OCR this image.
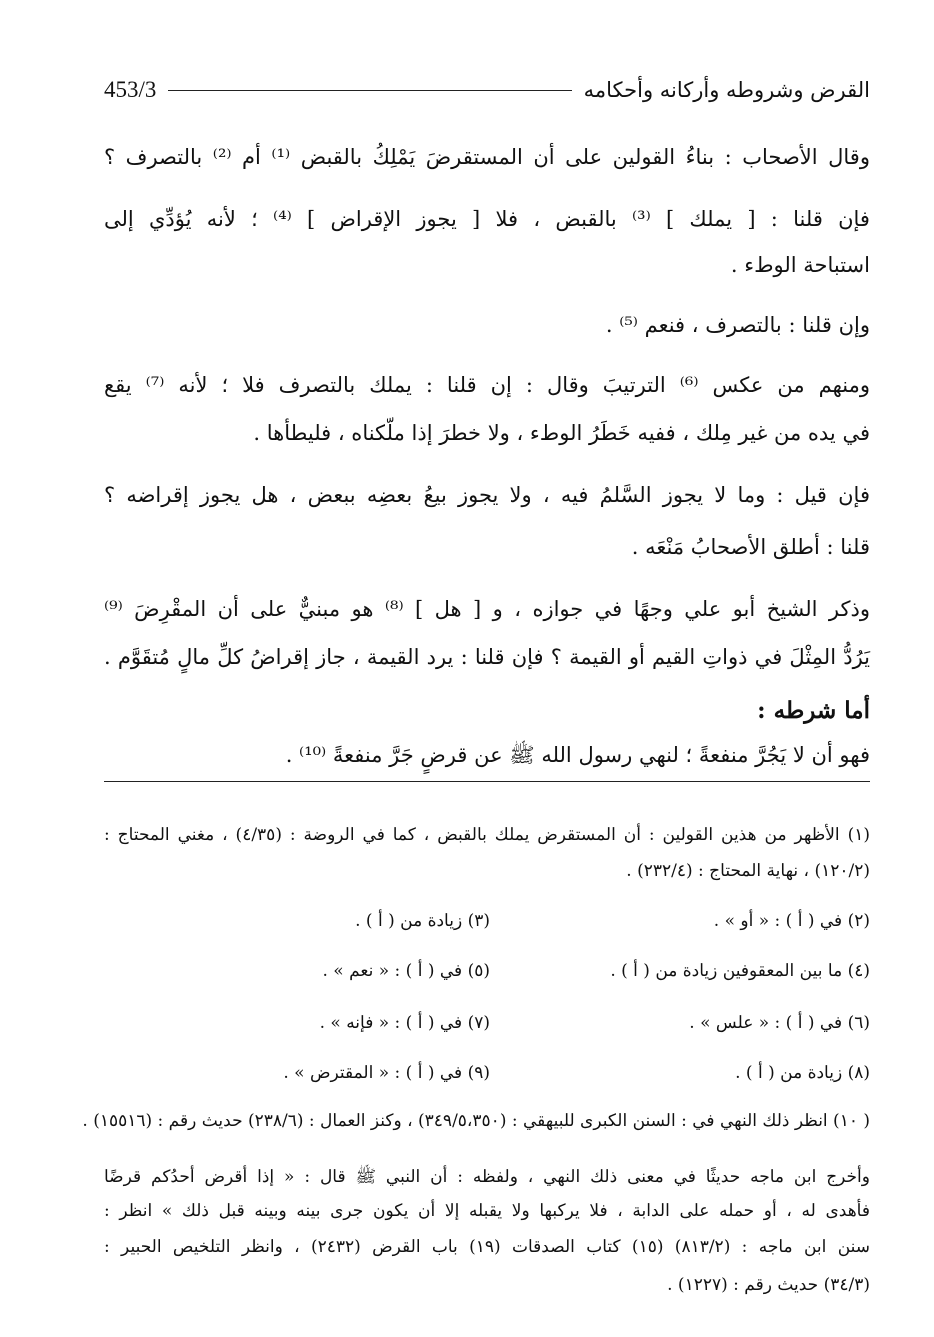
القرض وشروطه وأركانه وأحكامه
453/3
وقال الأصحاب : بناءُ القولين على أن المستقرضَ يَمْلِكُ بالقبض ⁽¹⁾ أم ⁽²⁾ بالتصرف ؟
فإن قلنا : [ يملك ] ⁽³⁾ بالقبض ، فلا [ يجوز الإقراض ] ⁽⁴⁾ ؛ لأنه يُؤدِّي إلى
استباحة الوطء .
وإن قلنا : بالتصرف ، فنعم ⁽⁵⁾ .
ومنهم من عكس ⁽⁶⁾ الترتيبَ وقال : إن قلنا : يملك بالتصرف فلا ؛ لأنه ⁽⁷⁾ يقع
في يده من غير مِلك ، ففيه خَطَرُ الوطء ، ولا خطرَ إذا ملّكناه ، فليطأها .
فإن قيل : وما لا يجوز السَّلمُ فيه ، ولا يجوز بيعُ بعضِه ببعض ، هل يجوز إقراضه ؟
قلنا : أطلق الأصحابُ مَنْعَه .
وذكر الشيخ أبو علي وجهًا في جوازه ، و [ هل ] ⁽⁸⁾ هو مبنيٌّ على أن المقْرِضَ ⁽⁹⁾
يَرُدُّ المِثْلَ في ذواتِ القيم أو القيمة ؟ فإن قلنا : يرد القيمة ، جاز إقراضُ كلِّ مالٍ مُتقَوَّم .
أما شرطه :
فهو أن لا يَجُرَّ منفعةً ؛ لنهي رسول الله ﷺ عن قرضٍ جَرَّ منفعةً ⁽¹⁰⁾ .
(١) الأظهر من هذين القولين : أن المستقرض يملك بالقبض ، كما في الروضة : (٤/٣٥) ، مغني المحتاج :
(١٢٠/٢) ، نهاية المحتاج : (٢٣٢/٤) .
(٢) في ( أ ) : « أو » .
(٣) زيادة من ( أ ) .
(٤) ما بين المعقوفين زيادة من ( أ ) .
(٥) في ( أ ) : « نعم » .
(٦) في ( أ ) : « علس » .
(٧) في ( أ ) : « فإنه » .
(٨) زيادة من ( أ ) .
(٩) في ( أ ) : « المقترض » .
( ١٠) انظر ذلك النهي في : السنن الكبرى للبيهقي : (٣٤٩/٥،٣٥٠) ، وكنز العمال : (٢٣٨/٦) حديث رقم : (١٥٥١٦) .
وأخرج ابن ماجه حديثًا في معنى ذلك النهي ، ولفظه : أن النبي ﷺ قال : « إذا أقرض أحدُكم قرضًا
فأهدى له ، أو حمله على الدابة ، فلا يركبها ولا يقبله إلا أن يكون جرى بينه وبينه قبل ذلك » انظر :
سنن ابن ماجه : (٨١٣/٢) (١٥) كتاب الصدقات (١٩) باب القرض (٢٤٣٢) ، وانظر التلخيص الحبير :
(٣٤/٣) حديث رقم : (١٢٢٧) .
